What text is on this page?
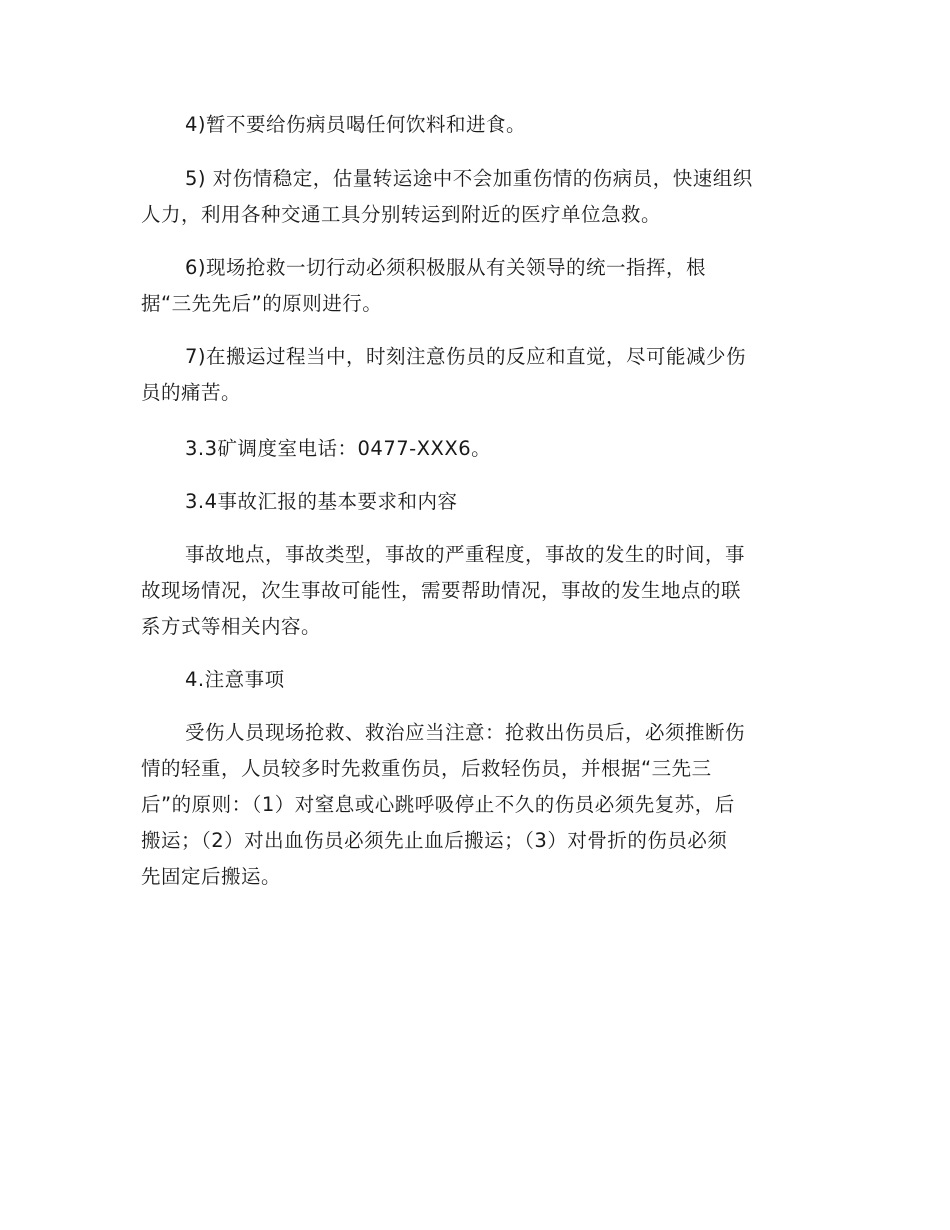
4)暂不要给伤病员喝任何饮料和进食。

5) 对伤情稳定，估量转运途中不会加重伤情的伤病员，快速组织
人力，利用各种交通工具分别转运到附近的医疗单位急救。

6)现场抢救一切行动必须积极服从有关领导的统一指挥，根
据“三先先后”的原则进行。

7)在搬运过程当中，时刻注意伤员的反应和直觉，尽可能减少伤
员的痛苦。

3.3矿调度室电话：0477-XXX6。

3.4事故汇报的基本要求和内容

事故地点，事故类型，事故的严重程度，事故的发生的时间，事
故现场情况，次生事故可能性，需要帮助情况，事故的发生地点的联
系方式等相关内容。

4.注意事项

受伤人员现场抢救、救治应当注意：抢救出伤员后，必须推断伤
情的轻重，人员较多时先救重伤员，后救轻伤员，并根据“三先三
后”的原则：（1）对窒息或心跳呼吸停止不久的伤员必须先复苏，后
搬运；（2）对出血伤员必须先止血后搬运；（3）对骨折的伤员必须
先固定后搬运。
